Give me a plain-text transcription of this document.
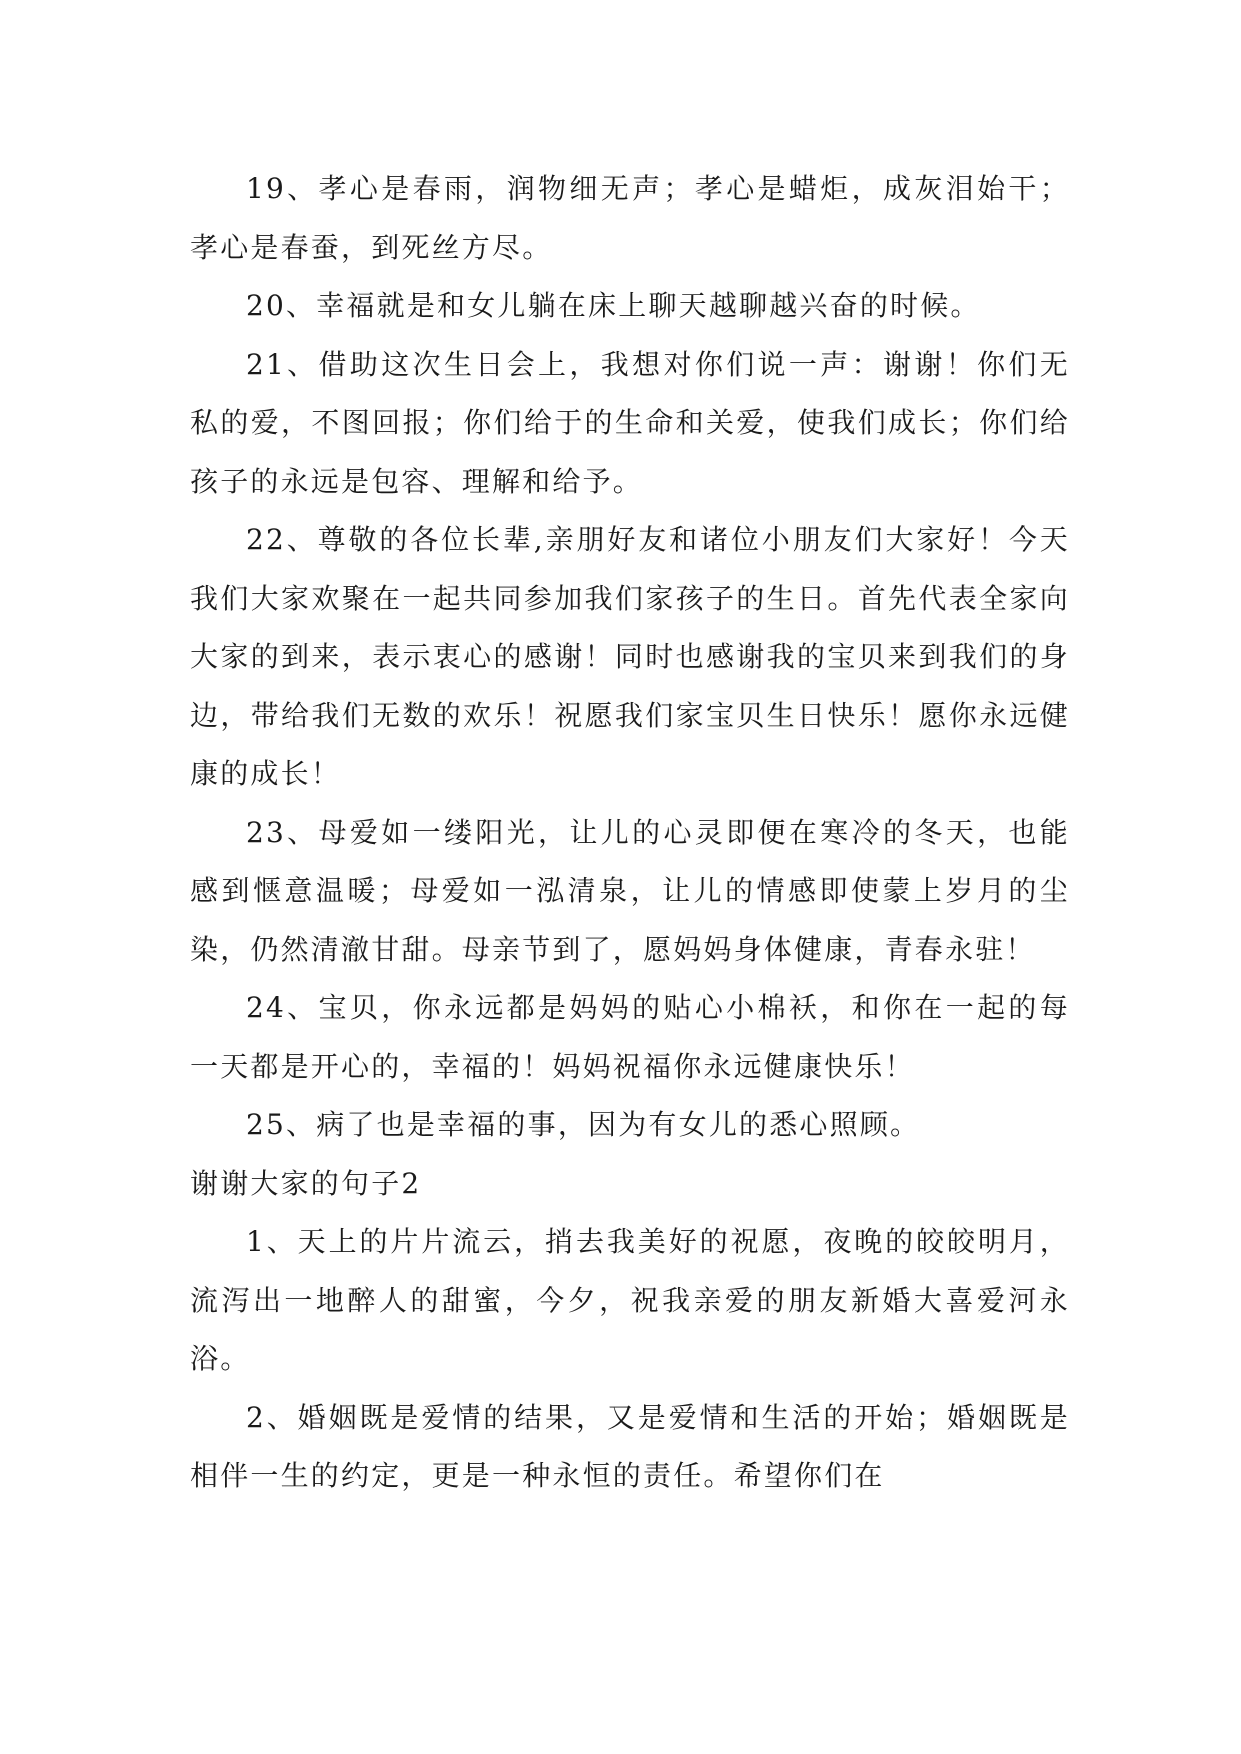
19、孝心是春雨，润物细无声；孝心是蜡炬，成灰泪始干；孝心是春蚕，到死丝方尽。

20、幸福就是和女儿躺在床上聊天越聊越兴奋的时候。

21、借助这次生日会上，我想对你们说一声：谢谢！你们无私的爱，不图回报；你们给于的生命和关爱，使我们成长；你们给孩子的永远是包容、理解和给予。

22、尊敬的各位长辈,亲朋好友和诸位小朋友们大家好！今天我们大家欢聚在一起共同参加我们家孩子的生日。首先代表全家向大家的到来，表示衷心的感谢！同时也感谢我的宝贝来到我们的身边，带给我们无数的欢乐！祝愿我们家宝贝生日快乐！愿你永远健康的成长！

23、母爱如一缕阳光，让儿的心灵即便在寒冷的冬天，也能感到惬意温暖；母爱如一泓清泉，让儿的情感即使蒙上岁月的尘染，仍然清澈甘甜。母亲节到了，愿妈妈身体健康，青春永驻！

24、宝贝，你永远都是妈妈的贴心小棉袄，和你在一起的每一天都是开心的，幸福的！妈妈祝福你永远健康快乐！

25、病了也是幸福的事，因为有女儿的悉心照顾。

谢谢大家的句子2

1、天上的片片流云，捎去我美好的祝愿，夜晚的皎皎明月，流泻出一地醉人的甜蜜，今夕，祝我亲爱的朋友新婚大喜爱河永浴。

2、婚姻既是爱情的结果，又是爱情和生活的开始；婚姻既是相伴一生的约定，更是一种永恒的责任。希望你们在
